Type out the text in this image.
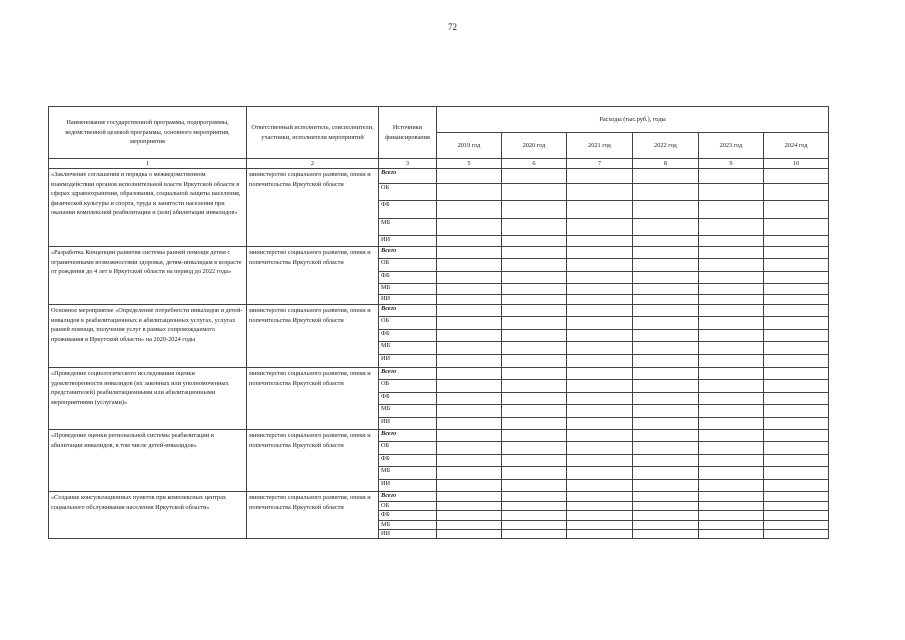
72
Наименование государственной программы, подпрограммы, ведомственной целевой программы, основного мероприятия, мероприятия	Ответственный исполнитель, соисполнители, участники, исполнители мероприятий	Источники финансирования	Расходы (тыс.руб.), годы					
			2019 год	2020 год	2021 год	2022 год	2023 год	2024 год
1	2	3	5	6	7	8	9	10
«Заключение соглашения и порядка о межведомственном взаимодействии органов исполнительной власти Иркутской области в сферах здравоохранения, образования, социальной защиты населения, физической культуры и спорта, труда и занятости населения при оказании комплексной реабилитации и (или) абилитации инвалидов»	министерство социального развития, опеки и попечительства Иркутской области	Всего						
		ОБ						
		ФБ						
		МБ						
		ИИ						
«Разработка Концепции развития системы ранней помощи детям с ограниченными возможностями здоровья, детям-инвалидам в возрасте от рождения до 4 лет в Иркутской области на период до 2022 года»	министерство социального развития, опеки и попечительства Иркутской области	Всего						
		ОБ						
		ФБ						
		МБ						
		ИИ						
Основное мероприятие «Определение потребности инвалидов и детей-инвалидов в реабилитационных и абилитационных услугах, услугах ранней помощи, получения услуг в рамках сопровождаемого проживания в Иркутской области» на 2020-2024 годы	министерство социального развития, опеки и попечительства Иркутской области	Всего						
		ОБ						
		ФБ						
		МБ						
		ИИ						
«Проведение социологического исследования оценки удовлетворенности инвалидов (их законных или уполномоченных представителей) реабилитационными или абилитационными мероприятиями (услугами)»	министерство социального развития, опеки и попечительства Иркутской области	Всего						
		ОБ						
		ФБ						
		МБ						
		ИИ						
«Проведение оценки региональной системы реабилитации и абилитации инвалидов, в том числе детей-инвалидов»	министерство социального развития, опеки и попечительства Иркутской области	Всего						
		ОБ						
		ФБ						
		МБ						
		ИИ						
«Создание консультационных пунктов при комплексных центрах социального обслуживания населения Иркутской области»	министерство социального развития, опеки и попечительства Иркутской области	Всего						
		ОБ						
		ФБ						
		МБ						
		ИИ						
